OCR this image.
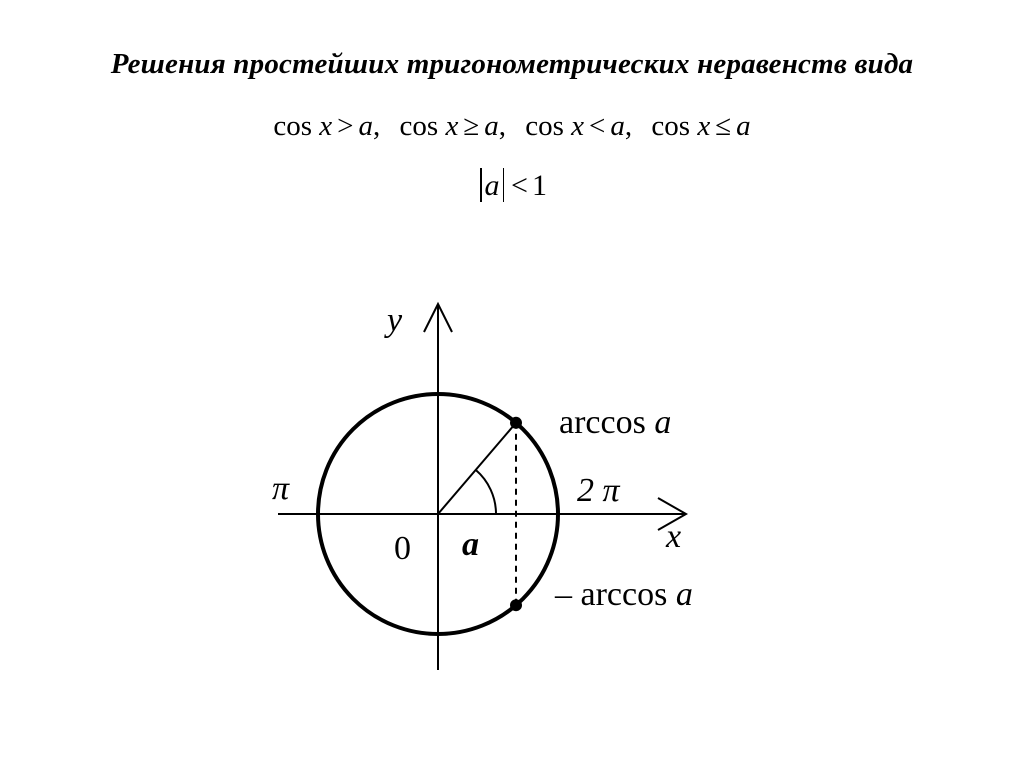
Решения простейших тригонометрических неравенств вида
cos x > a, cos x ≥ a, cos x < a, cos x ≤ a
a < 1
y
x
0 a
π	2 π
arccos a
– arccos a
